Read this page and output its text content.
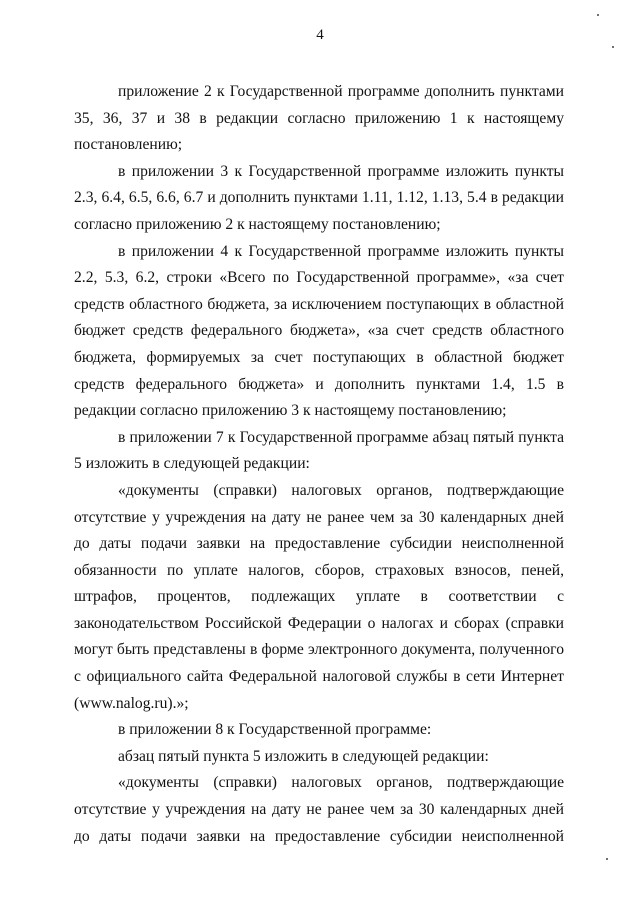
4

приложение 2 к Государственной программе дополнить пунктами 35, 36, 37 и 38 в редакции согласно приложению 1 к настоящему постановлению;

в приложении 3 к Государственной программе изложить пункты 2.3, 6.4, 6.5, 6.6, 6.7 и дополнить пунктами 1.11, 1.12, 1.13, 5.4 в редакции согласно приложению 2 к настоящему постановлению;

в приложении 4 к Государственной программе изложить пункты 2.2, 5.3, 6.2, строки «Всего по Государственной программе», «за счет средств областного бюджета, за исключением поступающих в областной бюджет средств федерального бюджета», «за счет средств областного бюджета, формируемых за счет поступающих в областной бюджет средств федерального бюджета» и дополнить пунктами 1.4, 1.5 в редакции согласно приложению 3 к настоящему постановлению;

в приложении 7 к Государственной программе абзац пятый пункта 5 изложить в следующей редакции:

«документы (справки) налоговых органов, подтверждающие отсутствие у учреждения на дату не ранее чем за 30 календарных дней до даты подачи заявки на предоставление субсидии неисполненной обязанности по уплате налогов, сборов, страховых взносов, пеней, штрафов, процентов, подлежащих уплате в соответствии с законодательством Российской Федерации о налогах и сборах (справки могут быть представлены в форме электронного документа, полученного с официального сайта Федеральной налоговой службы в сети Интернет (www.nalog.ru).»;

в приложении 8 к Государственной программе:

абзац пятый пункта 5 изложить в следующей редакции:

«документы (справки) налоговых органов, подтверждающие отсутствие у учреждения на дату не ранее чем за 30 календарных дней до даты подачи заявки на предоставление субсидии неисполненной
